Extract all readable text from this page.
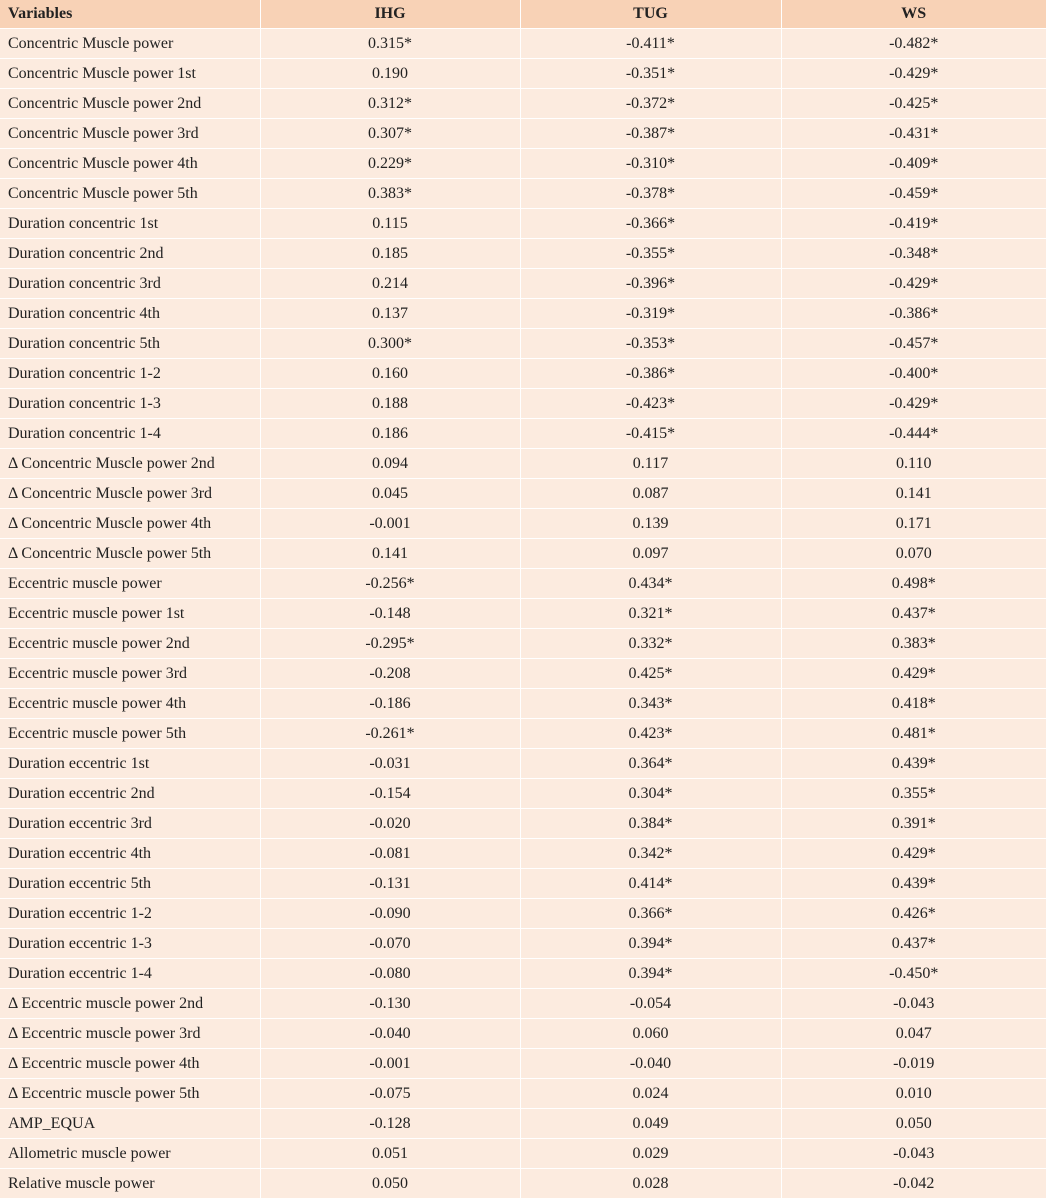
Variables	IHG	TUG	WS
Concentric Muscle power	0.315*	-0.411*	-0.482*
Concentric Muscle power 1st	0.190	-0.351*	-0.429*
Concentric Muscle power 2nd	0.312*	-0.372*	-0.425*
Concentric Muscle power 3rd	0.307*	-0.387*	-0.431*
Concentric Muscle power 4th	0.229*	-0.310*	-0.409*
Concentric Muscle power 5th	0.383*	-0.378*	-0.459*
Duration concentric 1st	0.115	-0.366*	-0.419*
Duration concentric 2nd	0.185	-0.355*	-0.348*
Duration concentric 3rd	0.214	-0.396*	-0.429*
Duration concentric 4th	0.137	-0.319*	-0.386*
Duration concentric 5th	0.300*	-0.353*	-0.457*
Duration concentric 1-2	0.160	-0.386*	-0.400*
Duration concentric 1-3	0.188	-0.423*	-0.429*
Duration concentric 1-4	0.186	-0.415*	-0.444*
Δ Concentric Muscle power 2nd	0.094	0.117	0.110
Δ Concentric Muscle power 3rd	0.045	0.087	0.141
Δ Concentric Muscle power 4th	-0.001	0.139	0.171
Δ Concentric Muscle power 5th	0.141	0.097	0.070
Eccentric muscle power	-0.256*	0.434*	0.498*
Eccentric muscle power 1st	-0.148	0.321*	0.437*
Eccentric muscle power 2nd	-0.295*	0.332*	0.383*
Eccentric muscle power 3rd	-0.208	0.425*	0.429*
Eccentric muscle power 4th	-0.186	0.343*	0.418*
Eccentric muscle power 5th	-0.261*	0.423*	0.481*
Duration eccentric 1st	-0.031	0.364*	0.439*
Duration eccentric 2nd	-0.154	0.304*	0.355*
Duration eccentric 3rd	-0.020	0.384*	0.391*
Duration eccentric 4th	-0.081	0.342*	0.429*
Duration eccentric 5th	-0.131	0.414*	0.439*
Duration eccentric 1-2	-0.090	0.366*	0.426*
Duration eccentric 1-3	-0.070	0.394*	0.437*
Duration eccentric 1-4	-0.080	0.394*	-0.450*
Δ Eccentric muscle power 2nd	-0.130	-0.054	-0.043
Δ Eccentric muscle power 3rd	-0.040	0.060	0.047
Δ Eccentric muscle power 4th	-0.001	-0.040	-0.019
Δ Eccentric muscle power 5th	-0.075	0.024	0.010
AMP_EQUA	-0.128	0.049	0.050
Allometric muscle power	0.051	0.029	-0.043
Relative muscle power	0.050	0.028	-0.042
